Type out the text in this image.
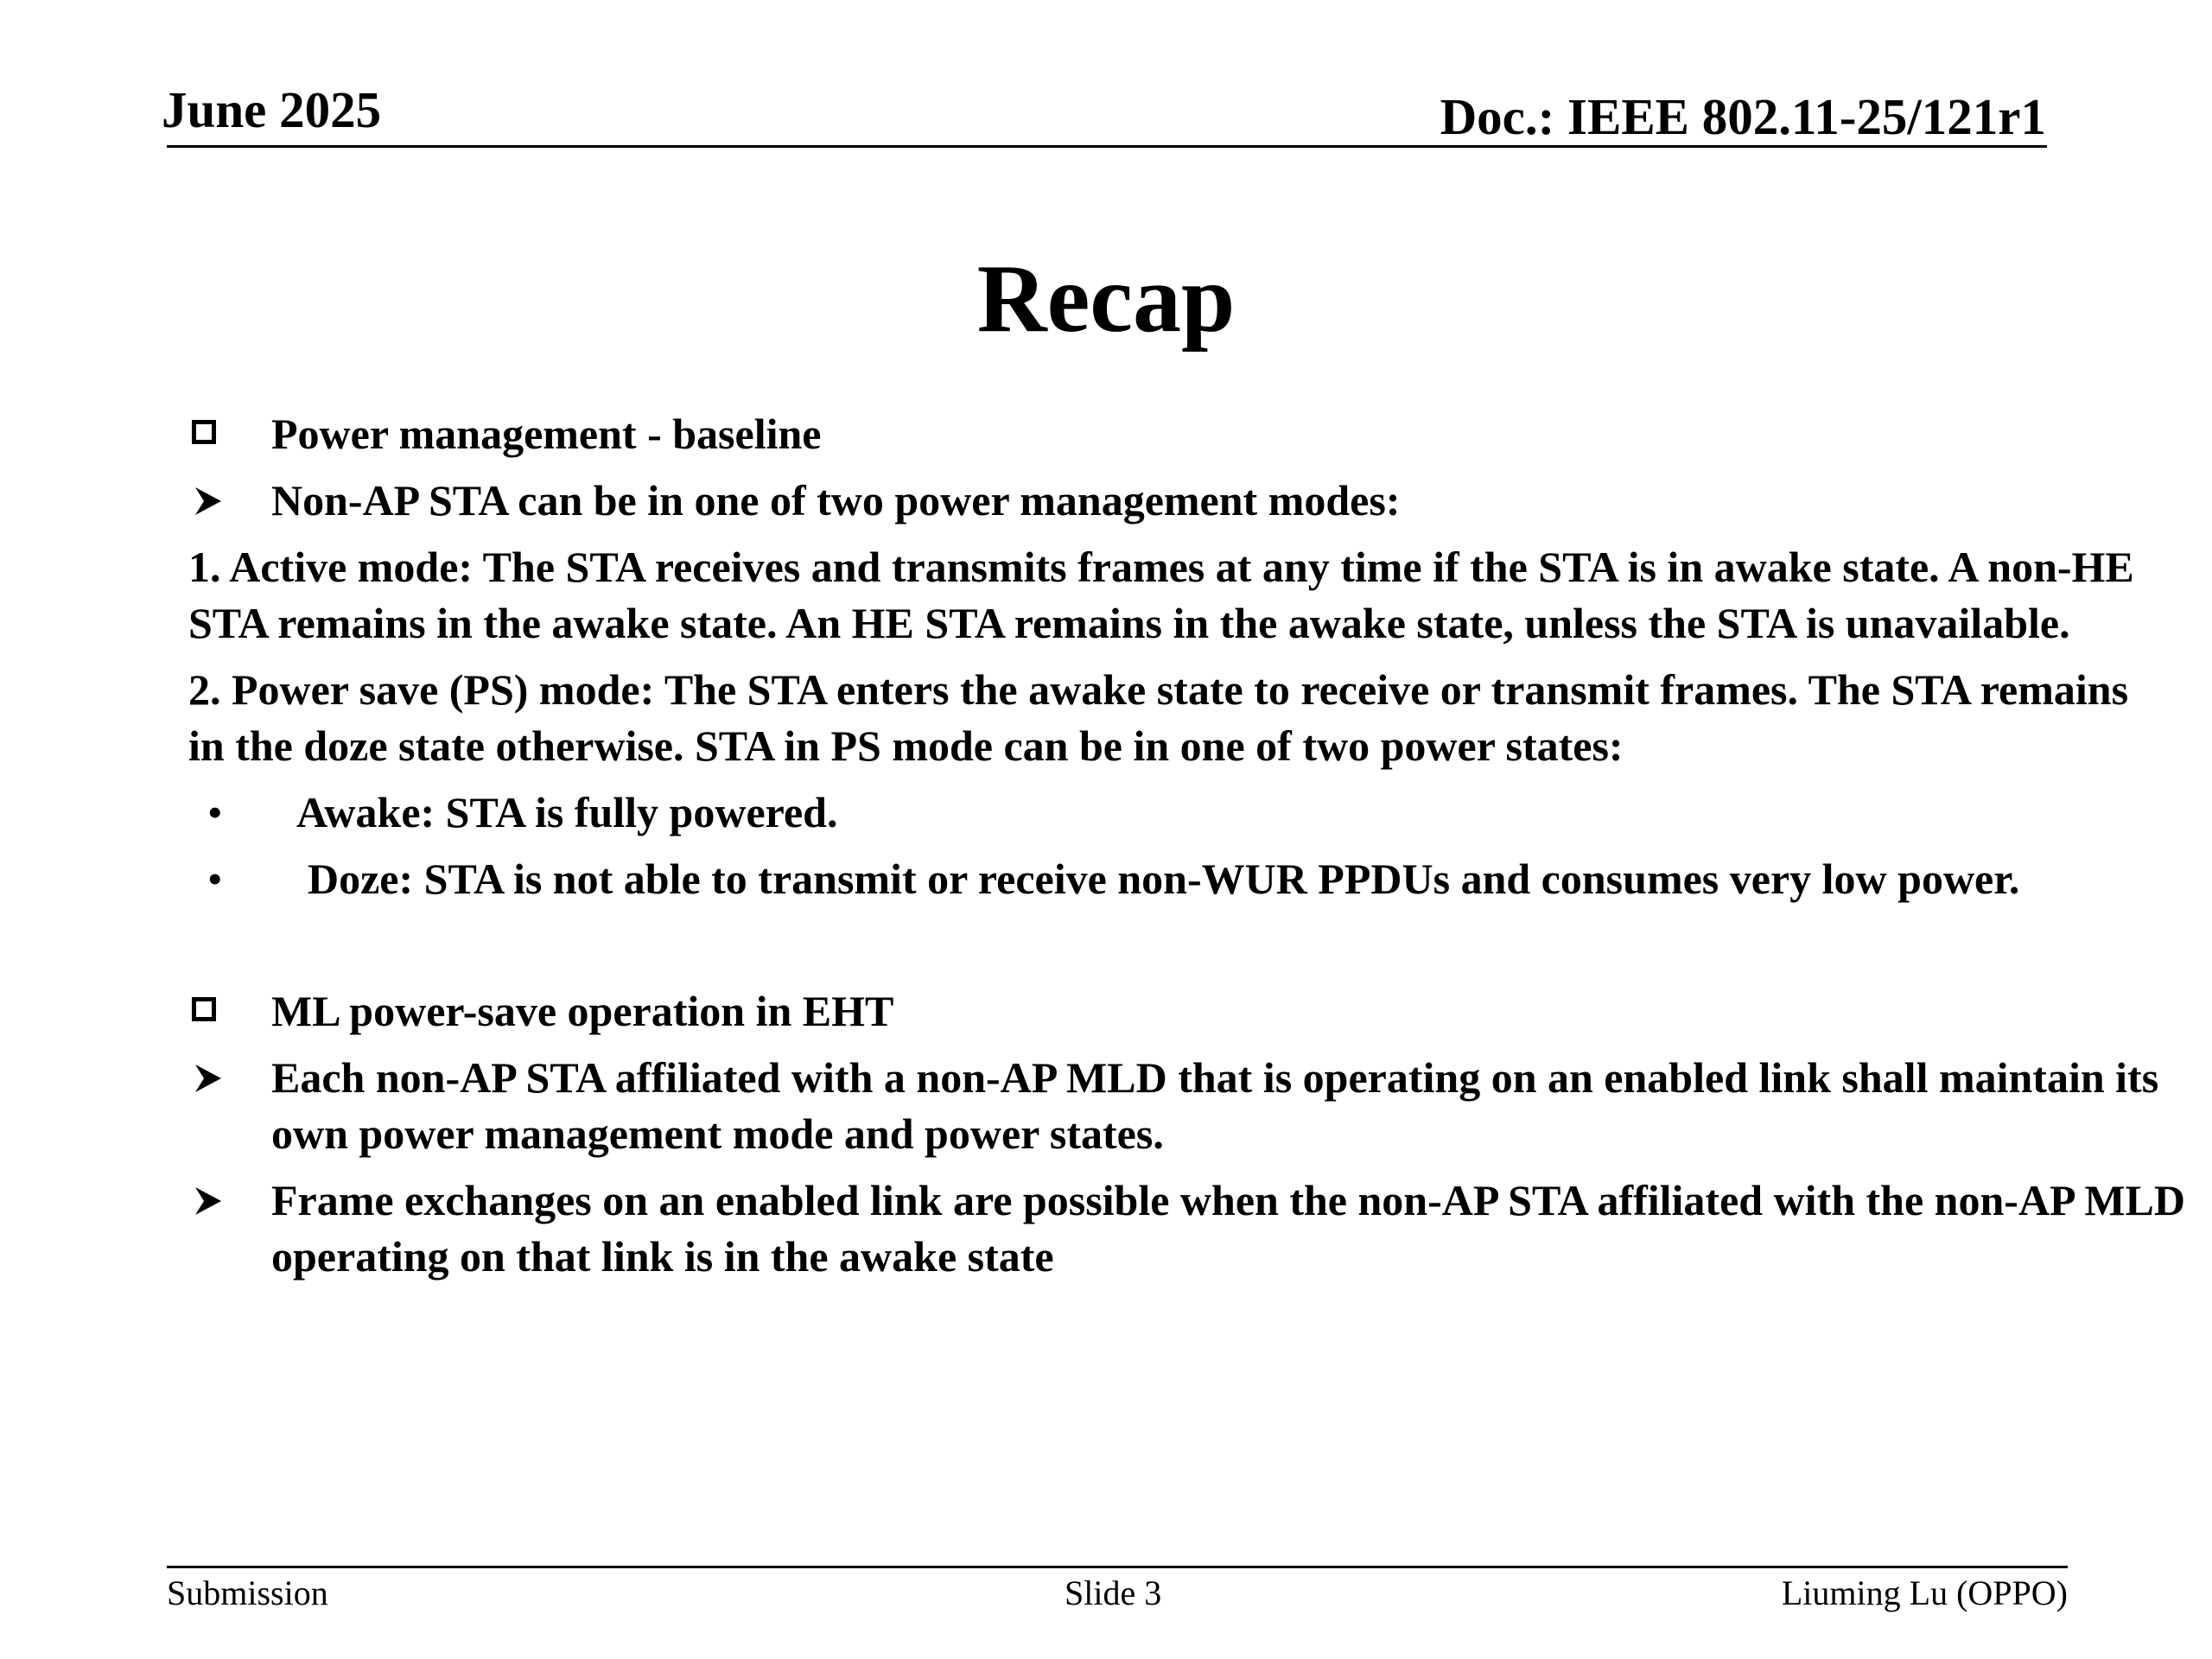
June 2025	Doc.: IEEE 802.11-25/121r1
Recap
Power management - baseline
Non-AP STA can be in one of two power management modes:
1. Active mode: The STA receives and transmits frames at any time if the STA is in awake state. A non-HE STA remains in the awake state. An HE STA remains in the awake state, unless the STA is unavailable.
2. Power save (PS) mode: The STA enters the awake state to receive or transmit frames. The STA remains in the doze state otherwise. STA in PS mode can be in one of two power states:
• Awake: STA is fully powered.
• Doze: STA is not able to transmit or receive non-WUR PPDUs and consumes very low power.
ML power-save operation in EHT
Each non-AP STA affiliated with a non-AP MLD that is operating on an enabled link shall maintain its own power management mode and power states.
Frame exchanges on an enabled link are possible when the non-AP STA affiliated with the non-AP MLD operating on that link is in the awake state
Submission	Slide 3	Liuming Lu (OPPO)
